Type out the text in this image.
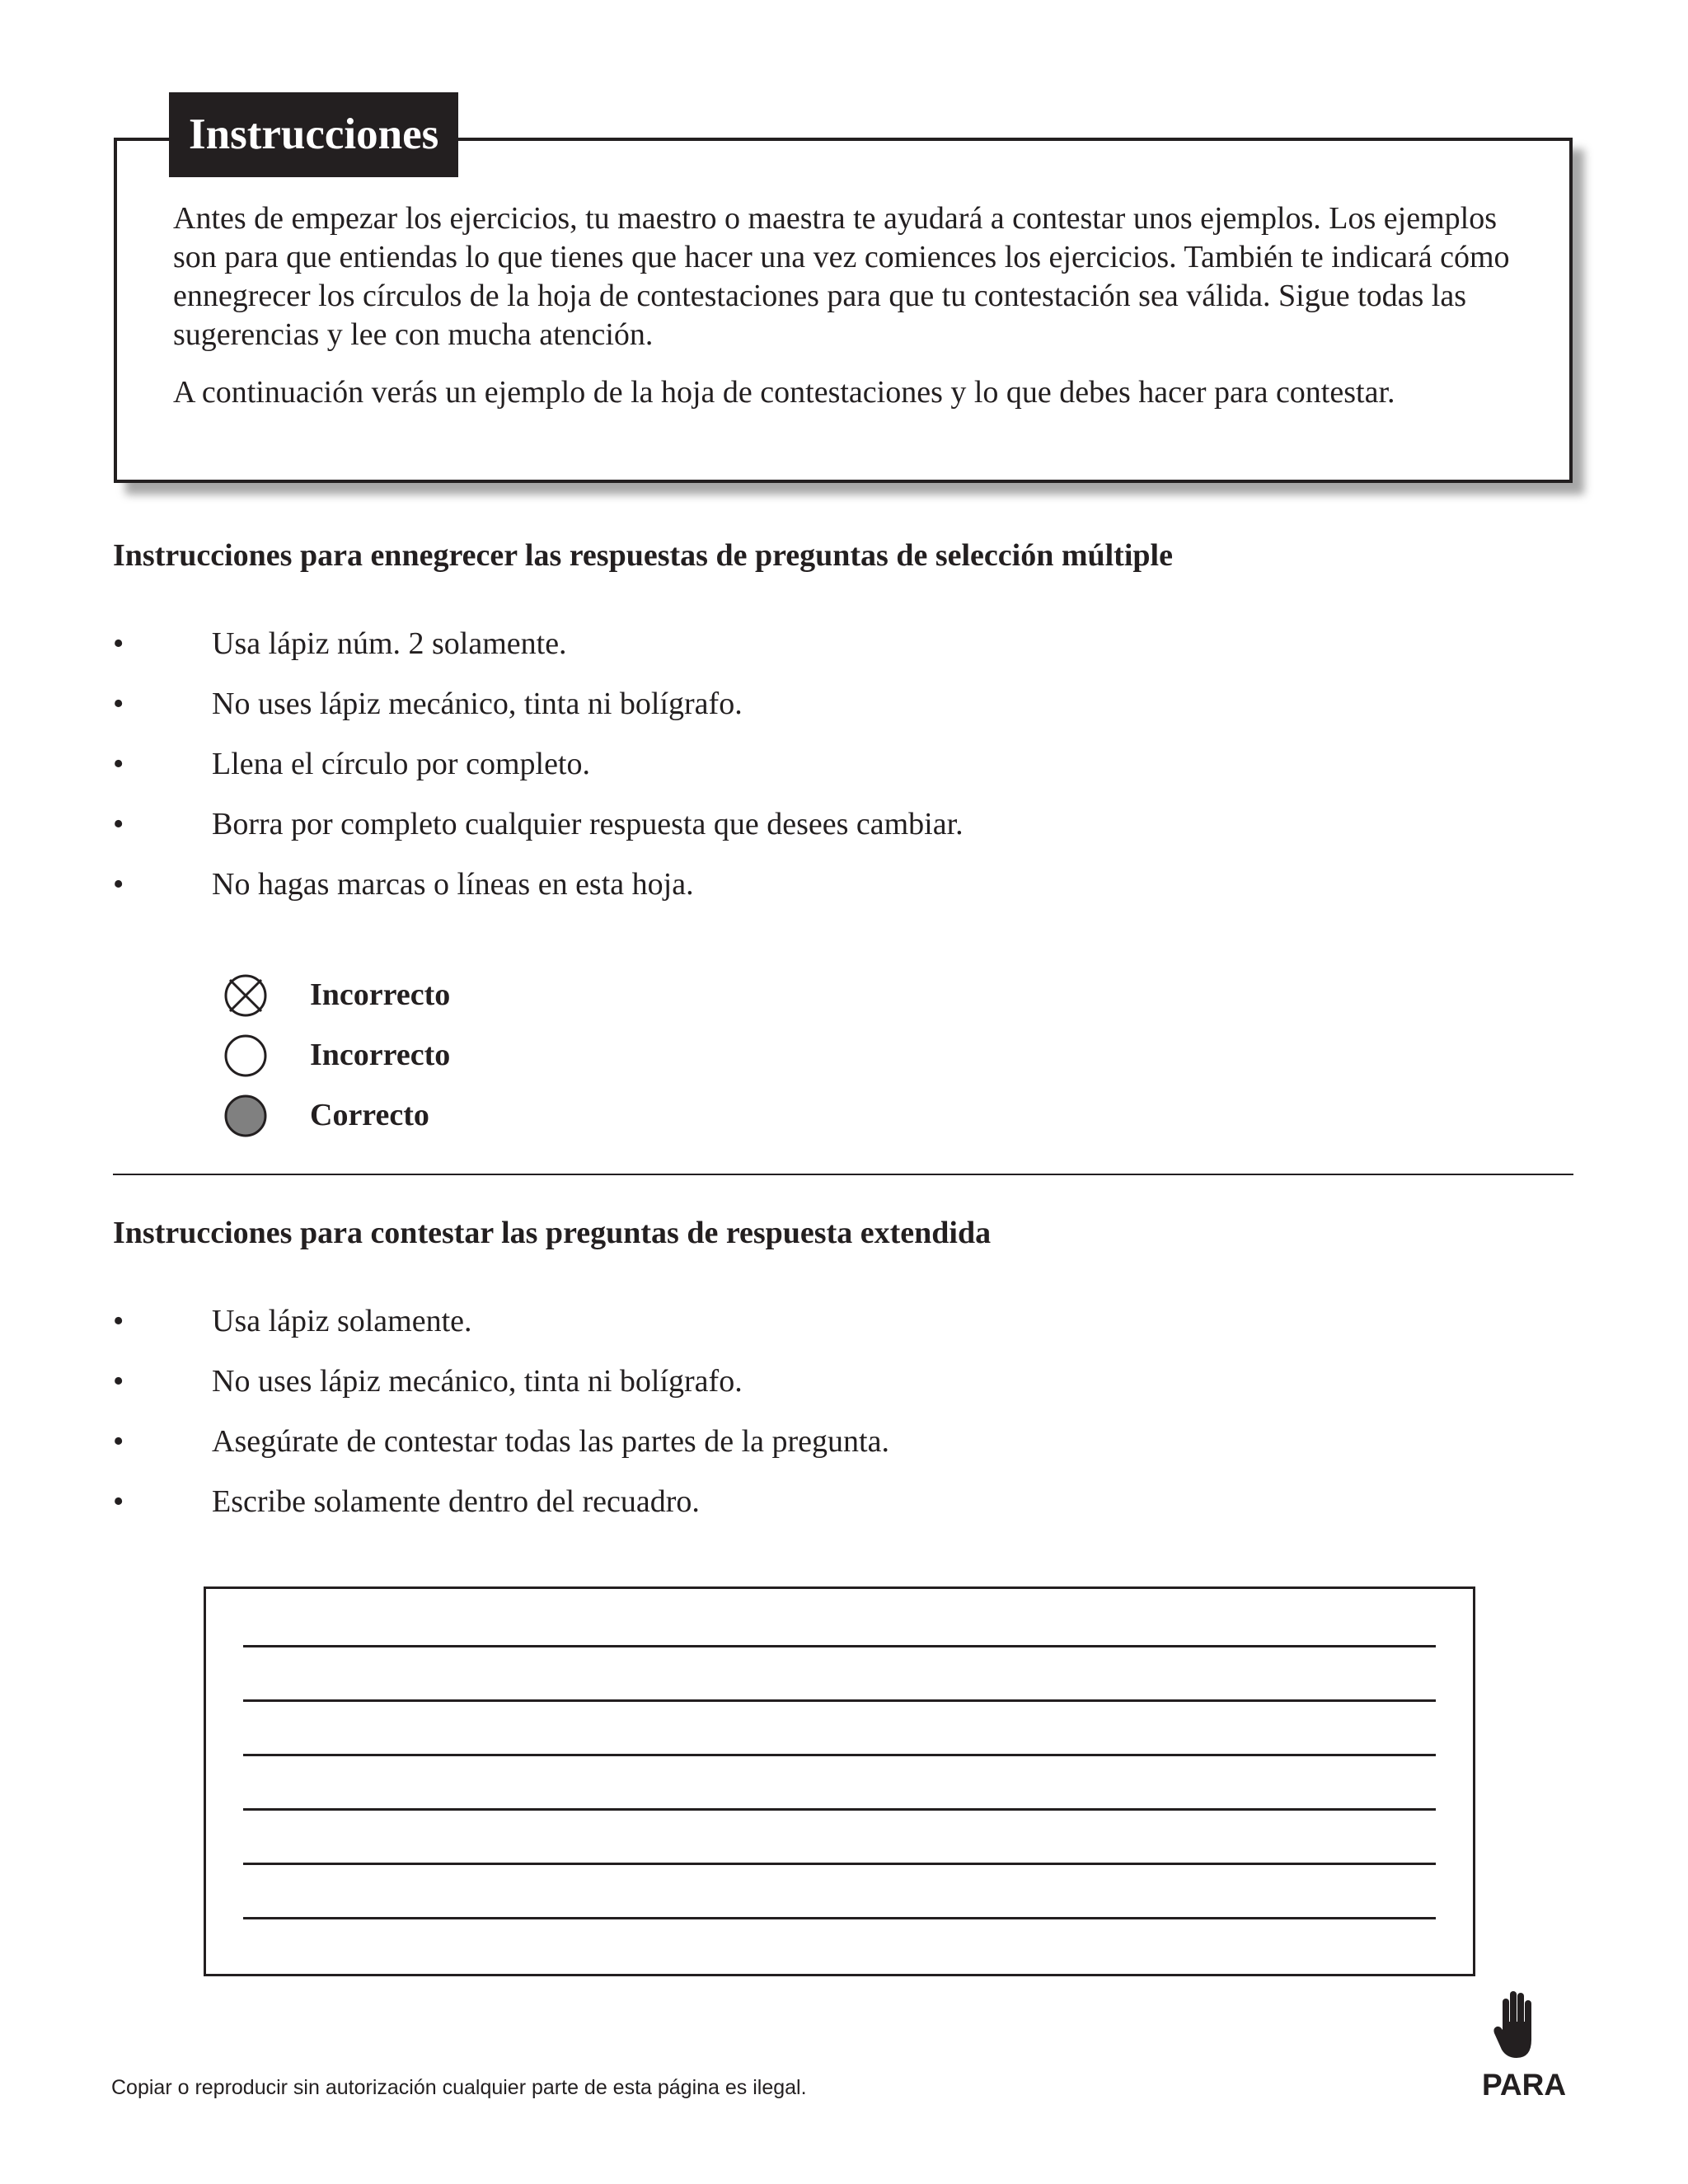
Antes de empezar los ejercicios, tu maestro o maestra te ayudará a contestar unos ejemplos. Los ejemplos son para que entiendas lo que tienes que hacer una vez comiences los ejercicios. También te indicará cómo ennegrecer los círculos de la hoja de contestaciones para que tu contestación sea válida. Sigue todas las sugerencias y lee con mucha atención.

A continuación verás un ejemplo de la hoja de contestaciones y lo que debes hacer para contestar.

Instrucciones
Instrucciones para ennegrecer las respuestas de preguntas de selección múltiple
•	Usa lápiz núm. 2 solamente.
•	No uses lápiz mecánico, tinta ni bolígrafo.
•	Llena el círculo por completo.
•	Borra por completo cualquier respuesta que desees cambiar.
•	No hagas marcas o líneas en esta hoja.
Incorrecto
Incorrecto
Correcto
Instrucciones para contestar las preguntas de respuesta extendida
•	Usa lápiz solamente.
•	No uses lápiz mecánico, tinta ni bolígrafo.
•	Asegúrate de contestar todas las partes de la pregunta.
•	Escribe solamente dentro del recuadro.
Copiar o reproducir sin autorización cualquier parte de esta página es ilegal.	PARA
